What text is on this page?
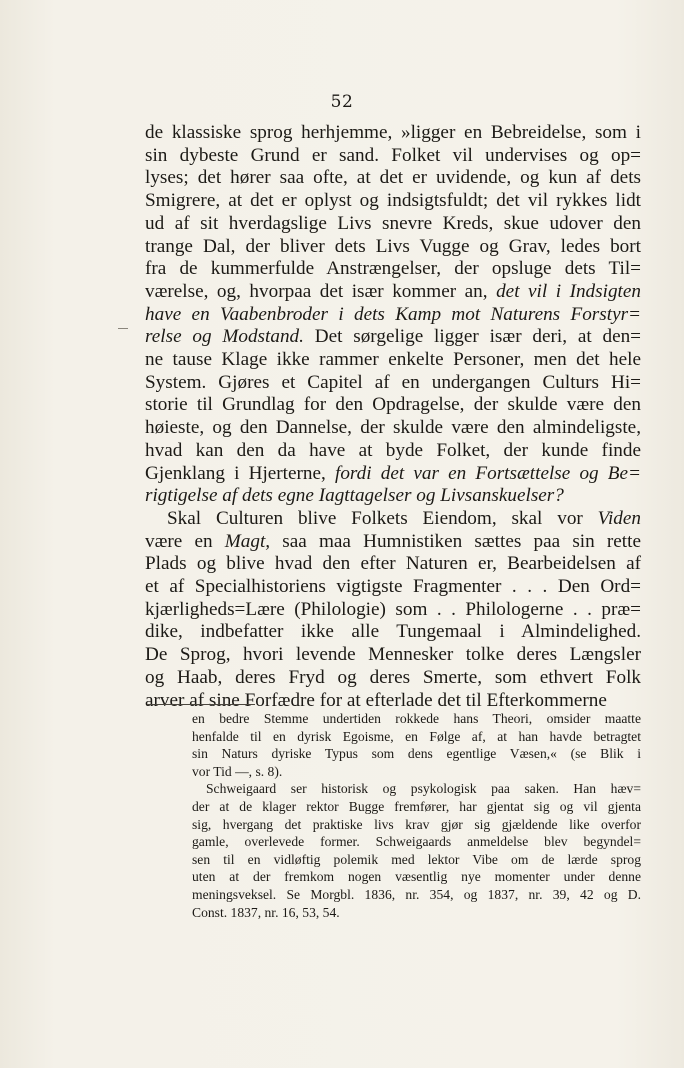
52
de klassiske sprog herhjemme, »ligger en Bebreidelse, som i
sin dybeste Grund er sand. Folket vil undervises og op=
lyses; det hører saa ofte, at det er uvidende, og kun af dets
Smigrere, at det er oplyst og indsigtsfuldt; det vil rykkes lidt
ud af sit hverdagslige Livs snevre Kreds, skue udover den
trange Dal, der bliver dets Livs Vugge og Grav, ledes bort
fra de kummerfulde Anstrængelser, der opsluge dets Til=
værelse, og, hvorpaa det især kommer an, det vil i Indsigten
have en Vaabenbroder i dets Kamp mot Naturens Forstyr=
relse og Modstand. Det sørgelige ligger især deri, at den=
ne tause Klage ikke rammer enkelte Personer, men det hele
System. Gjøres et Capitel af en undergangen Culturs Hi=
storie til Grundlag for den Opdragelse, der skulde være den
høieste, og den Dannelse, der skulde være den almindeligste,
hvad kan den da have at byde Folket, der kunde finde
Gjenklang i Hjerterne, fordi det var en Fortsættelse og Be=
rigtigelse af dets egne Iagttagelser og Livsanskuelser?
Skal Culturen blive Folkets Eiendom, skal vor Viden
være en Magt, saa maa Humnistiken sættes paa sin rette
Plads og blive hvad den efter Naturen er, Bearbeidelsen af
et af Specialhistoriens vigtigste Fragmenter . . . Den Ord=
kjærligheds=Lære (Philologie) som . . Philologerne . . præ=
dike, indbefatter ikke alle Tungemaal i Almindelighed.
De Sprog, hvori levende Mennesker tolke deres Længsler
og Haab, deres Fryd og deres Smerte, som ethvert Folk
arver af sine Forfædre for at efterlade det til Efterkommerne
en bedre Stemme undertiden rokkede hans Theori, omsider maatte
henfalde til en dyrisk Egoisme, en Følge af, at han havde betragtet
sin Naturs dyriske Typus som dens egentlige Væsen,« (se Blik i
vor Tid —, s. 8).
Schweigaard ser historisk og psykologisk paa saken. Han hæv=
der at de klager rektor Bugge fremfører, har gjentat sig og vil gjenta
sig, hvergang det praktiske livs krav gjør sig gjældende like overfor
gamle, overlevede former. Schweigaards anmeldelse blev begyndel=
sen til en vidløftig polemik med lektor Vibe om de lærde sprog
uten at der fremkom nogen væsentlig nye momenter under denne
meningsveksel. Se Morgbl. 1836, nr. 354, og 1837, nr. 39, 42 og D.
Const. 1837, nr. 16, 53, 54.
